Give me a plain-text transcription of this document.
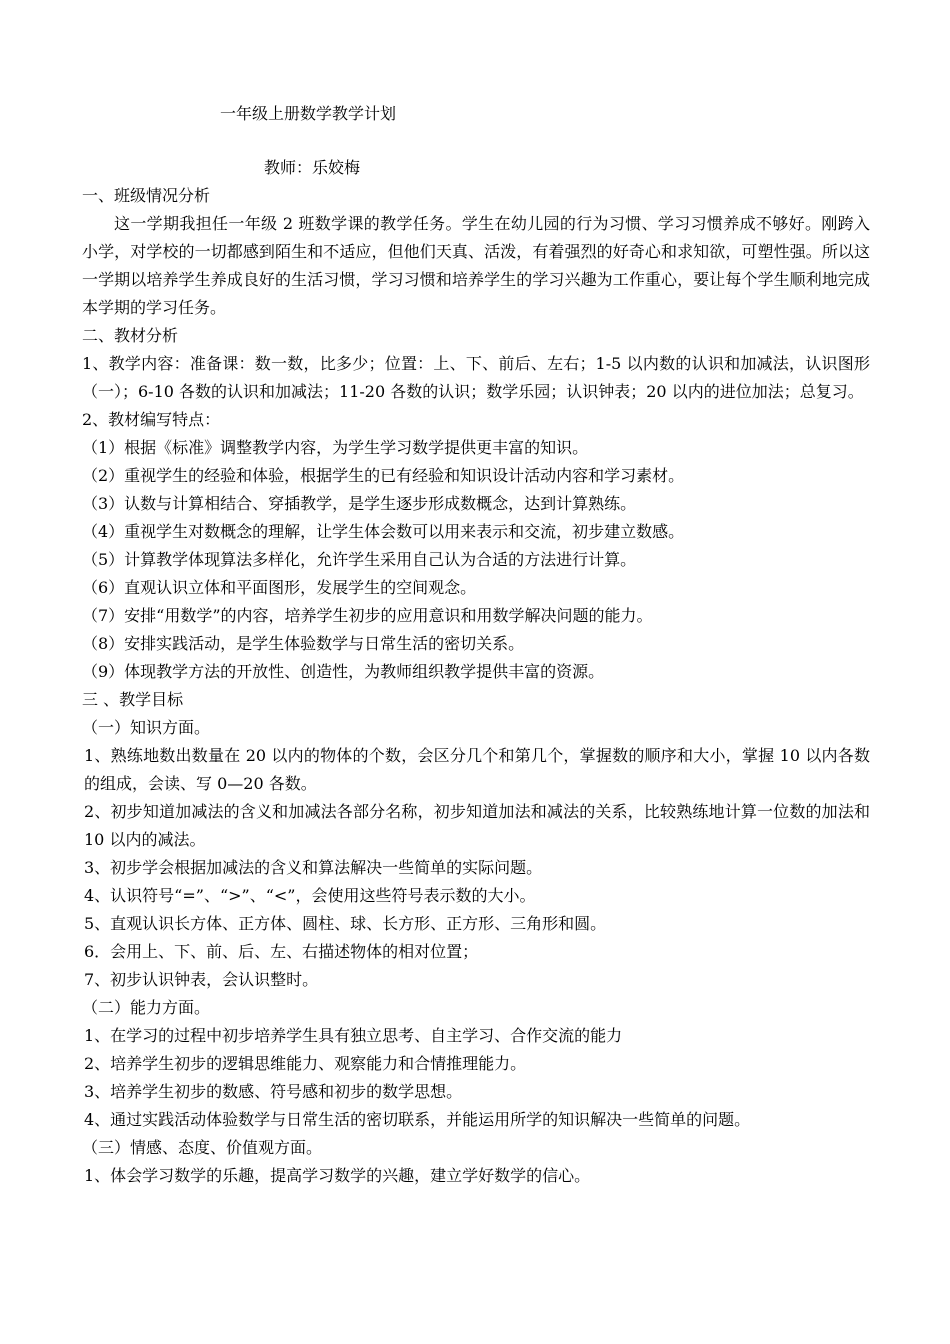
一年级上册数学教学计划
教师：乐姣梅
一、班级情况分析

这一学期我担任一年级 2 班数学课的教学任务。学生在幼儿园的行为习惯、学习习惯养成不够好。刚跨入小学，对学校的一切都感到陌生和不适应，但他们天真、活泼，有着强烈的好奇心和求知欲，可塑性强。所以这一学期以培养学生养成良好的生活习惯，学习习惯和培养学生的学习兴趣为工作重心，要让每个学生顺利地完成本学期的学习任务。

二、教材分析

1、教学内容：准备课：数一数，比多少；位置：上、下、前后、左右；1-5 以内数的认识和加减法，认识图形（一）；6-10 各数的认识和加减法；11-20 各数的认识；数学乐园；认识钟表；20 以内的进位加法；总复习。

2、教材编写特点：
（1）根据《标准》调整教学内容，为学生学习数学提供更丰富的知识。
（2）重视学生的经验和体验，根据学生的已有经验和知识设计活动内容和学习素材。
（3）认数与计算相结合、穿插教学，是学生逐步形成数概念，达到计算熟练。
（4）重视学生对数概念的理解，让学生体会数可以用来表示和交流，初步建立数感。
（5）计算教学体现算法多样化，允许学生采用自己认为合适的方法进行计算。
（6）直观认识立体和平面图形，发展学生的空间观念。
（7）安排“用数学”的内容，培养学生初步的应用意识和用数学解决问题的能力。
（8）安排实践活动，是学生体验数学与日常生活的密切关系。
（9）体现教学方法的开放性、创造性，为教师组织教学提供丰富的资源。
三 、教学目标
（一）知识方面。

1、熟练地数出数量在 20 以内的物体的个数，会区分几个和第几个，掌握数的顺序和大小，掌握 10 以内各数的组成，会读、写 0—20 各数。

2、初步知道加减法的含义和加减法各部分名称，初步知道加法和减法的关系，比较熟练地计算一位数的加法和 10 以内的减法。

3、初步学会根据加减法的含义和算法解决一些简单的实际问题。
4、认识符号“=”、“>”、“<”，会使用这些符号表示数的大小。
5、直观认识长方体、正方体、圆柱、球、长方形、正方形、三角形和圆。
6．会用上、下、前、后、左、右描述物体的相对位置；
7、初步认识钟表，会认识整时。
（二）能力方面。
1、在学习的过程中初步培养学生具有独立思考、自主学习、合作交流的能力
2、培养学生初步的逻辑思维能力、观察能力和合情推理能力。
3、培养学生初步的数感、符号感和初步的数学思想。
4、通过实践活动体验数学与日常生活的密切联系，并能运用所学的知识解决一些简单的问题。
（三）情感、态度、价值观方面。
1、体会学习数学的乐趣，提高学习数学的兴趣，建立学好数学的信心。
